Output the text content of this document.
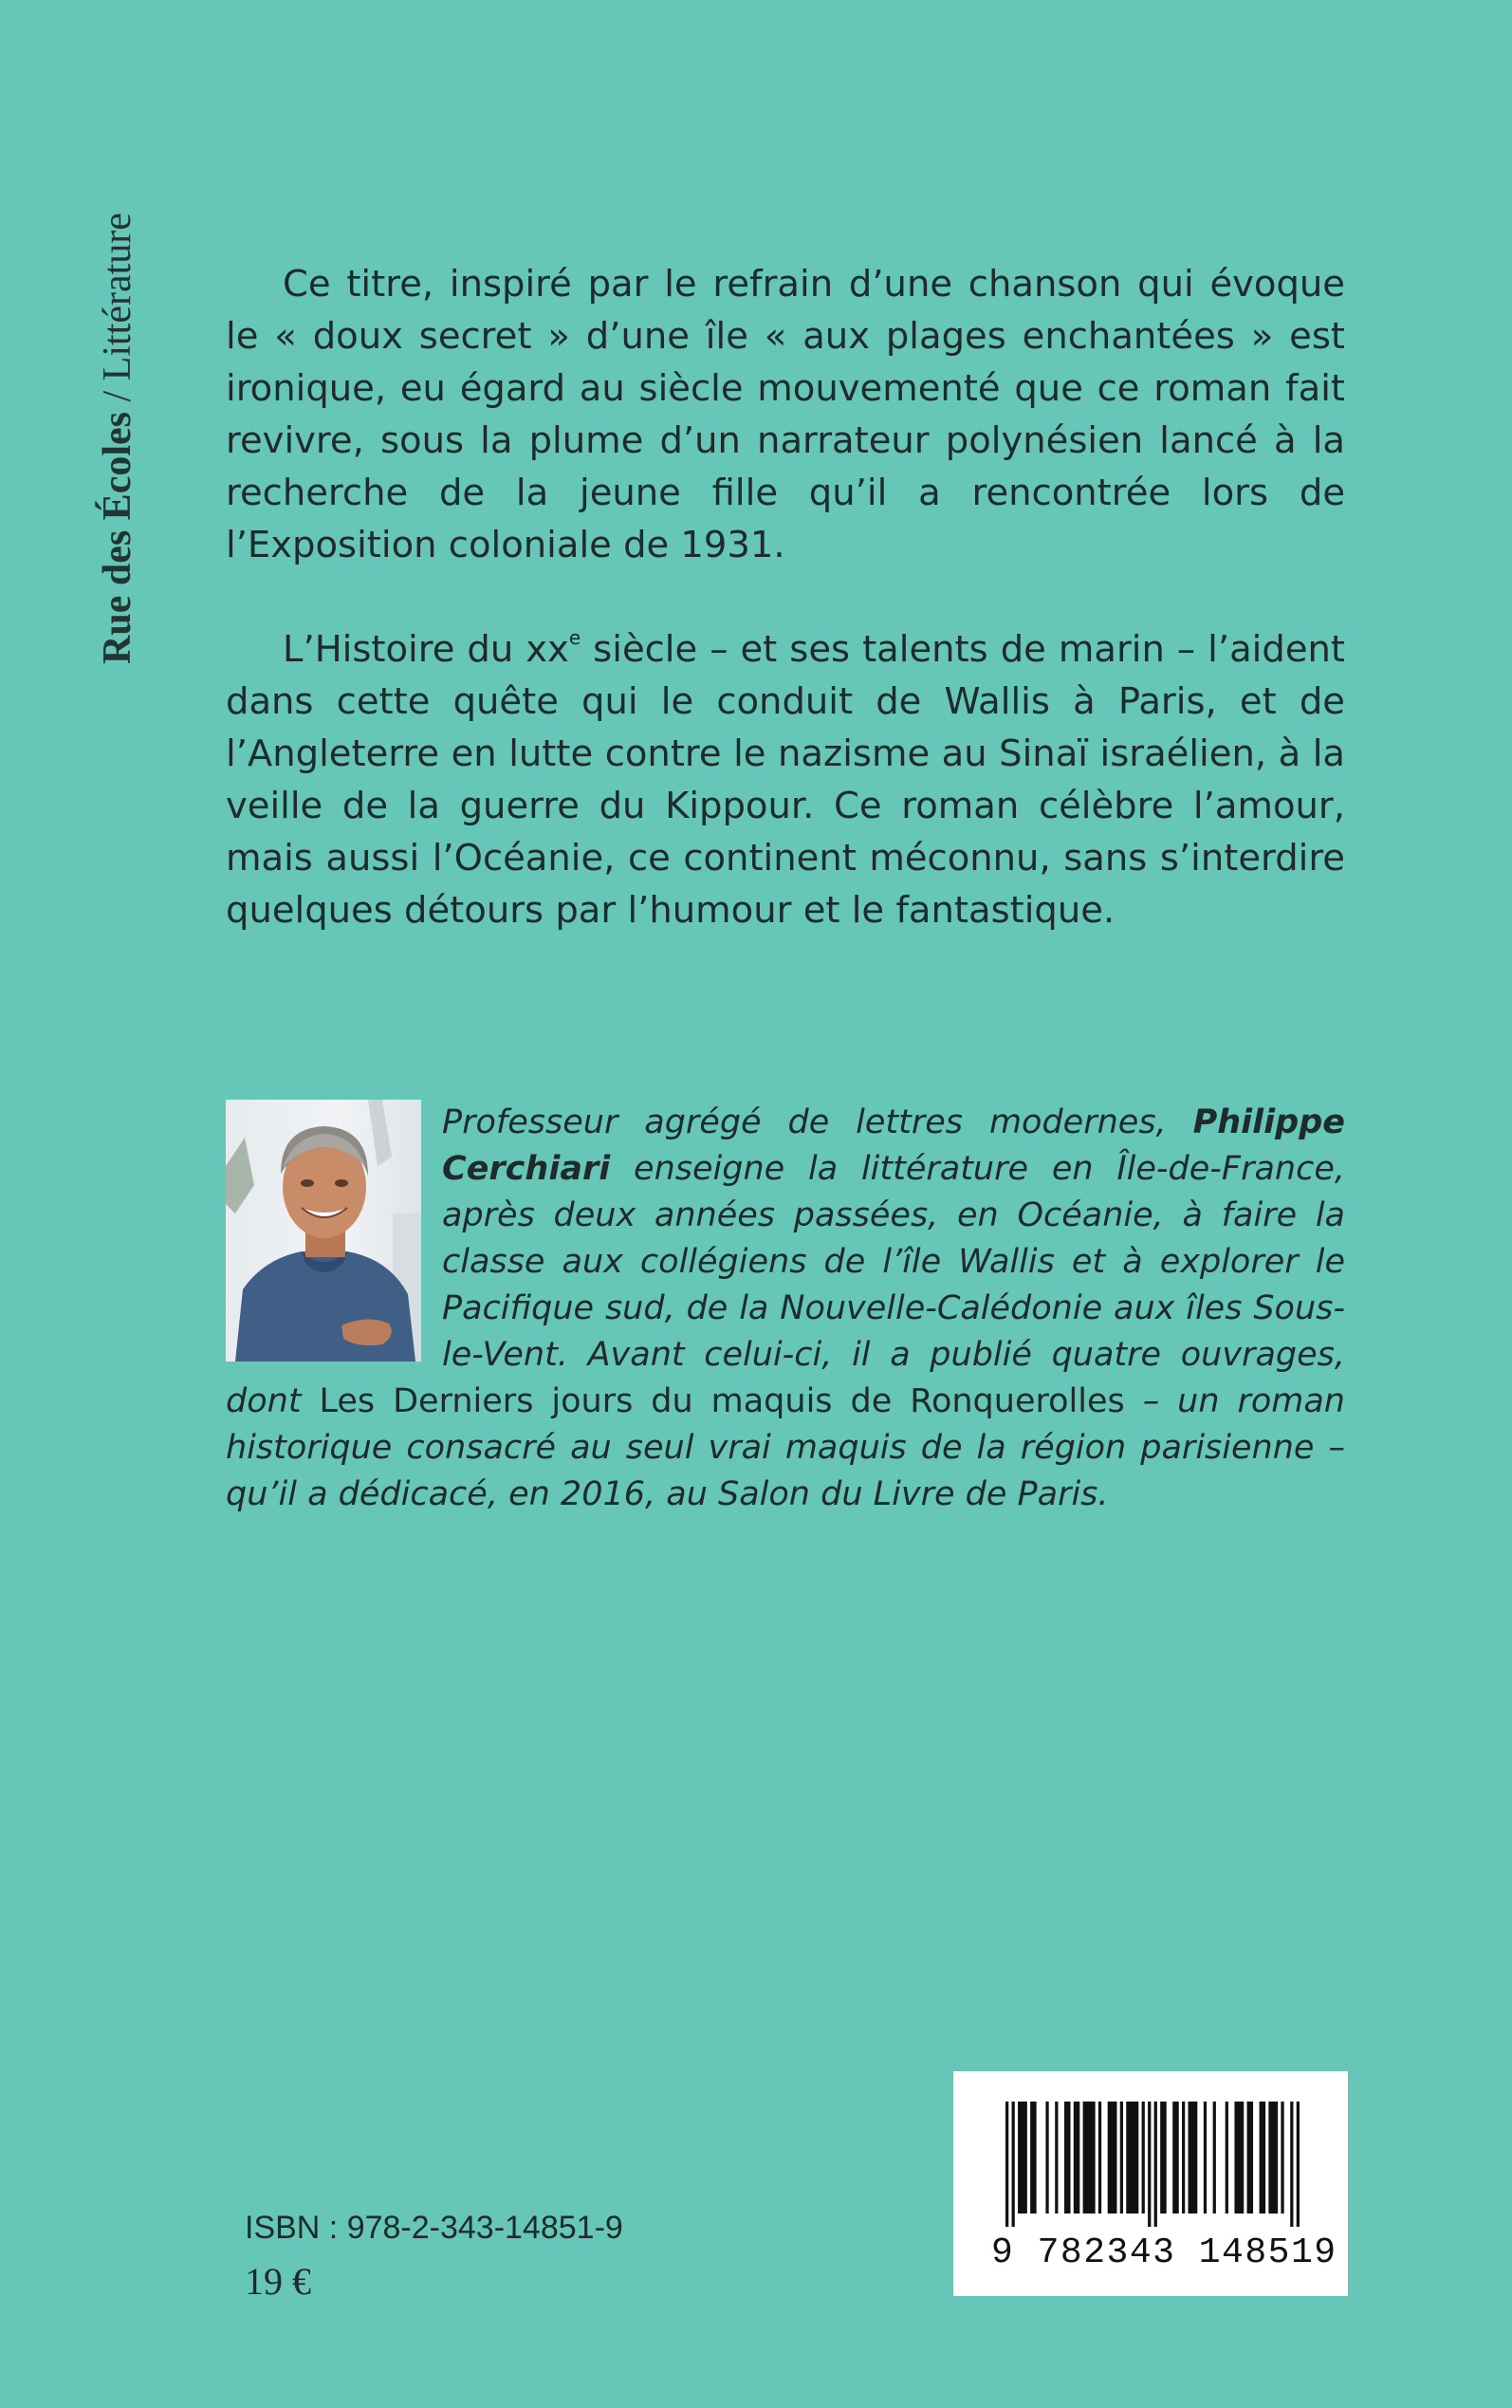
Rue des Écoles / Littérature	Ce titre, inspiré par le refrain d’une chanson qui évoque le « doux secret » d’une île « aux plages enchantées » est ironique, eu égard au siècle mouvementé que ce roman fait revivre, sous la plume d’un narrateur polynésien lancé à la recherche de la jeune fille qu’il a rencontrée lors de l’Exposition coloniale de 1931.

L’Histoire du $xx^e$ siècle – et ses talents de marin – l’aident dans cette quête qui le conduit de Wallis à Paris, et de l’Angleterre en lutte contre le nazisme au Sinaï israélien, à la veille de la guerre du Kippour. Ce roman célèbre l’amour, mais aussi l’Océanie, ce continent méconnu, sans s’interdire quelques détours par l’humour et le fantastique.

Professeur agrégé de lettres modernes, Philippe Cerchiari enseigne la littérature en Île-de-France, après deux années passées, en Océanie, à faire la classe aux collégiens de l’île Wallis et à explorer le Pacifique sud, de la Nouvelle-Calédonie aux îles Sous-le-Vent. Avant celui-ci, il a publié quatre ouvrages, dont Les Derniers jours du maquis de Ronquerolles – un roman historique consacré au seul vrai maquis de la région parisienne – qu’il a dédicacé, en 2016, au Salon du Livre de Paris.
ISBN : 978-2-343-14851-9
19 €
9 782343 148519
